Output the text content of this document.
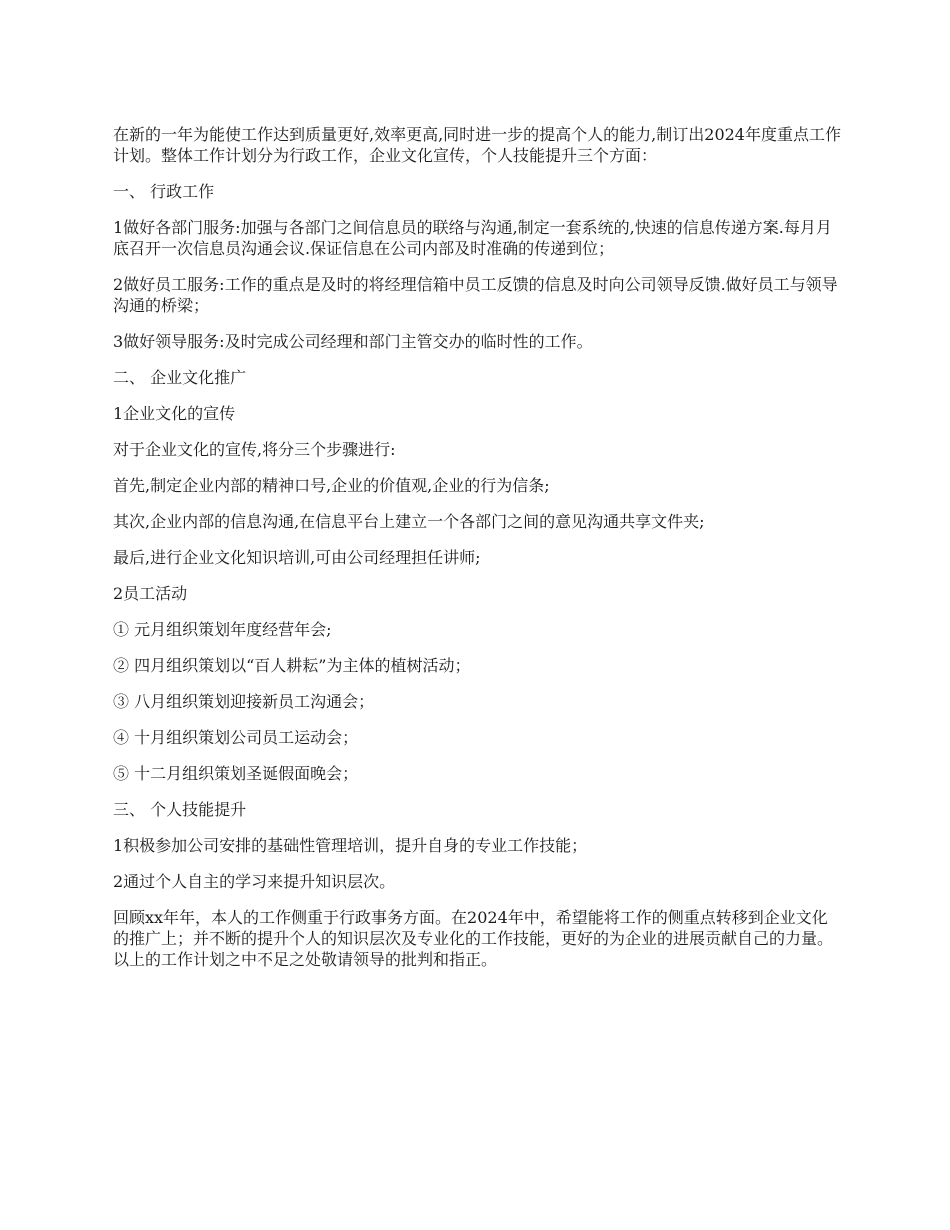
在新的一年为能使工作达到质量更好,效率更高,同时进一步的提高个人的能力,制订出2024年度重点工作计划。整体工作计划分为行政工作，企业文化宣传，个人技能提升三个方面：

一、 行政工作

1做好各部门服务:加强与各部门之间信息员的联络与沟通,制定一套系统的,快速的信息传递方案.每月月底召开一次信息员沟通会议.保证信息在公司内部及时准确的传递到位；

2做好员工服务:工作的重点是及时的将经理信箱中员工反馈的信息及时向公司领导反馈.做好员工与领导沟通的桥梁；

3做好领导服务:及时完成公司经理和部门主管交办的临时性的工作。

二、 企业文化推广

1企业文化的宣传

对于企业文化的宣传,将分三个步骤进行:

首先,制定企业内部的精神口号,企业的价值观,企业的行为信条;

其次,企业内部的信息沟通,在信息平台上建立一个各部门之间的意见沟通共享文件夹;

最后,进行企业文化知识培训,可由公司经理担任讲师;

2员工活动

① 元月组织策划年度经营年会;

② 四月组织策划以“百人耕耘”为主体的植树活动；

③ 八月组织策划迎接新员工沟通会；

④ 十月组织策划公司员工运动会；

⑤ 十二月组织策划圣诞假面晚会；

三、 个人技能提升

1积极参加公司安排的基础性管理培训，提升自身的专业工作技能；

2通过个人自主的学习来提升知识层次。

回顾xx年年，本人的工作侧重于行政事务方面。在2024年中，希望能将工作的侧重点转移到企业文化的推广上；并不断的提升个人的知识层次及专业化的工作技能，更好的为企业的进展贡献自己的力量。以上的工作计划之中不足之处敬请领导的批判和指正。
